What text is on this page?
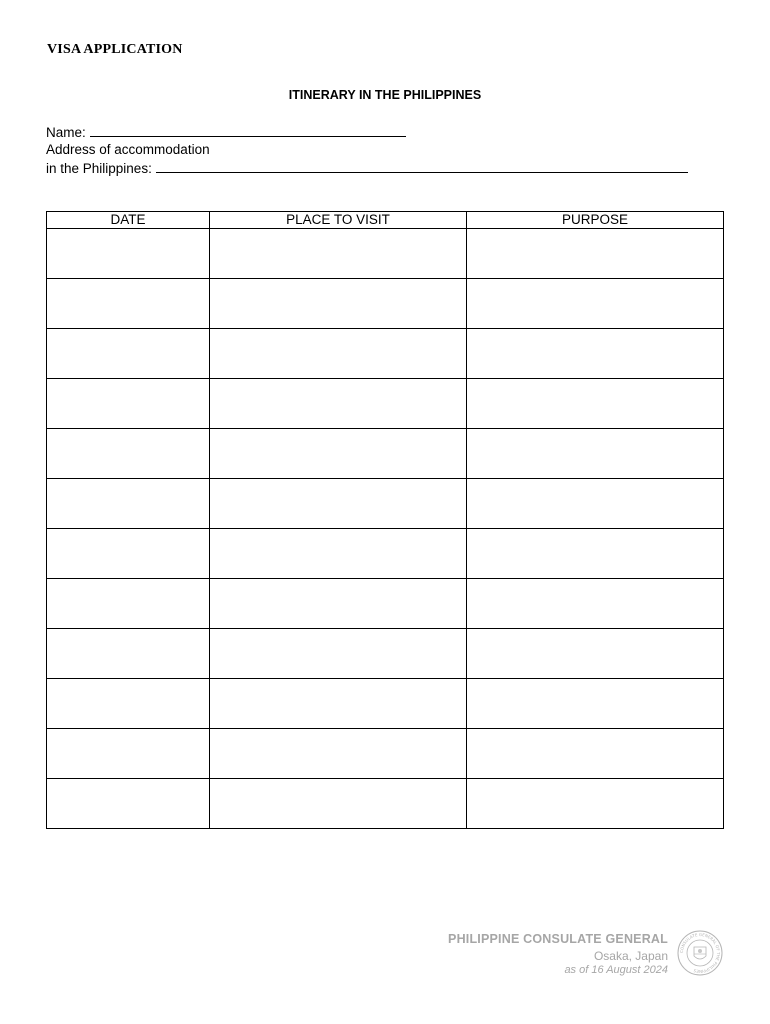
VISA APPLICATION
ITINERARY IN THE PHILIPPINES
Name:
Address of accommodation
in the Philippines:
DATE	PLACE TO VISIT	PURPOSE

PHILIPPINE CONSULATE GENERAL
Osaka, Japan
as of 16 August 2024
CONSULATE GENERAL OF THE PHILIPPINES
